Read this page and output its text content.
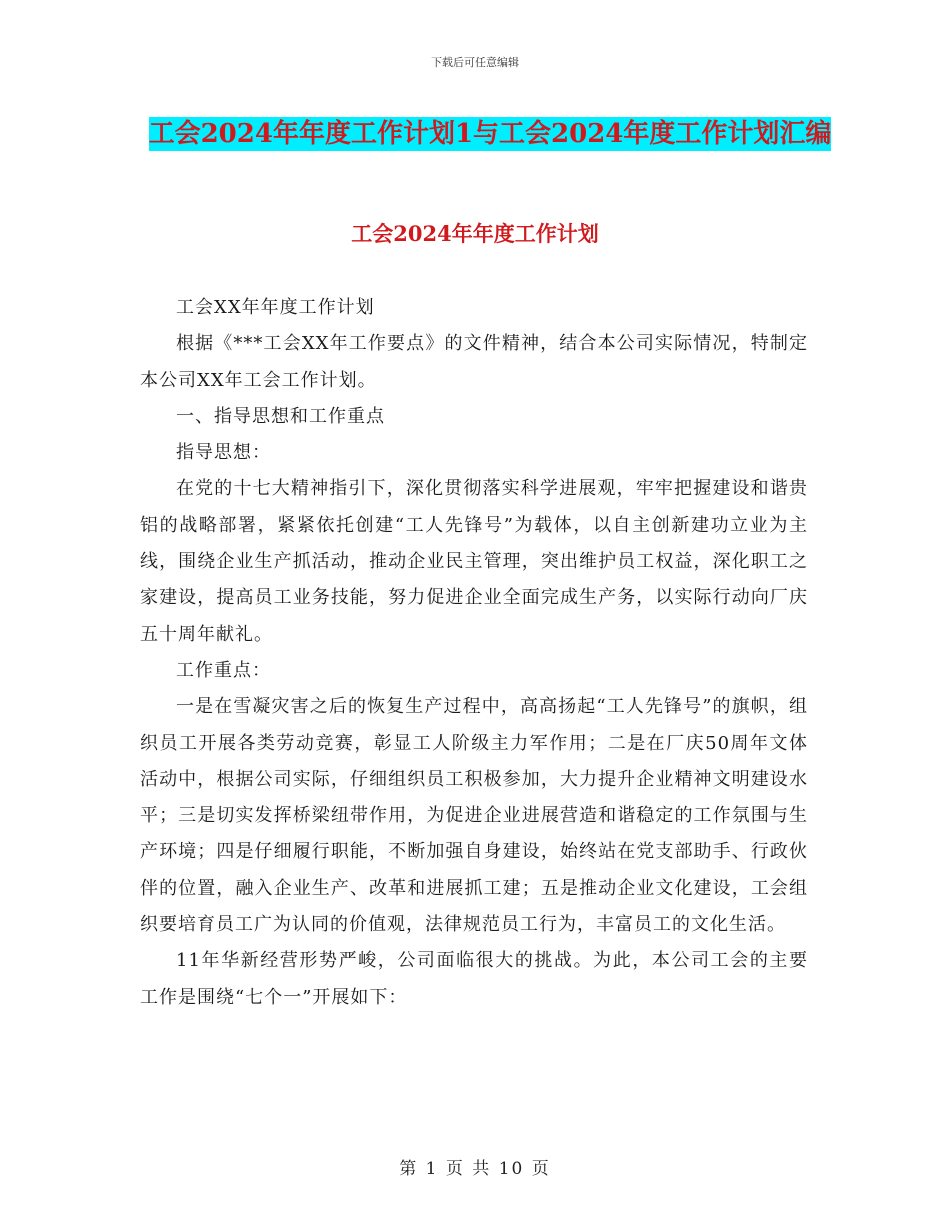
下载后可任意编辑
工会2024年年度工作计划1与工会2024年度工作计划汇编
工会2024年年度工作计划

工会XX年年度工作计划

根据《***工会XX年工作要点》的文件精神，结合本公司实际情况，特制定本公司XX年工会工作计划。

一、指导思想和工作重点

指导思想：

在党的十七大精神指引下，深化贯彻落实科学进展观，牢牢把握建设和谐贵铝的战略部署，紧紧依托创建“工人先锋号”为载体，以自主创新建功立业为主线，围绕企业生产抓活动，推动企业民主管理，突出维护员工权益，深化职工之家建设，提高员工业务技能，努力促进企业全面完成生产务，以实际行动向厂庆五十周年献礼。

工作重点：

一是在雪凝灾害之后的恢复生产过程中，高高扬起“工人先锋号”的旗帜，组织员工开展各类劳动竞赛，彰显工人阶级主力军作用；二是在厂庆50周年文体活动中，根据公司实际，仔细组织员工积极参加，大力提升企业精神文明建设水平；三是切实发挥桥梁纽带作用，为促进企业进展营造和谐稳定的工作氛围与生产环境；四是仔细履行职能，不断加强自身建设，始终站在党支部助手、行政伙伴的位置，融入企业生产、改革和进展抓工建；五是推动企业文化建设，工会组织要培育员工广为认同的价值观，法律规范员工行为，丰富员工的文化生活。

11年华新经营形势严峻，公司面临很大的挑战。为此，本公司工会的主要工作是围绕“七个一”开展如下：

第 1 页 共 10 页
